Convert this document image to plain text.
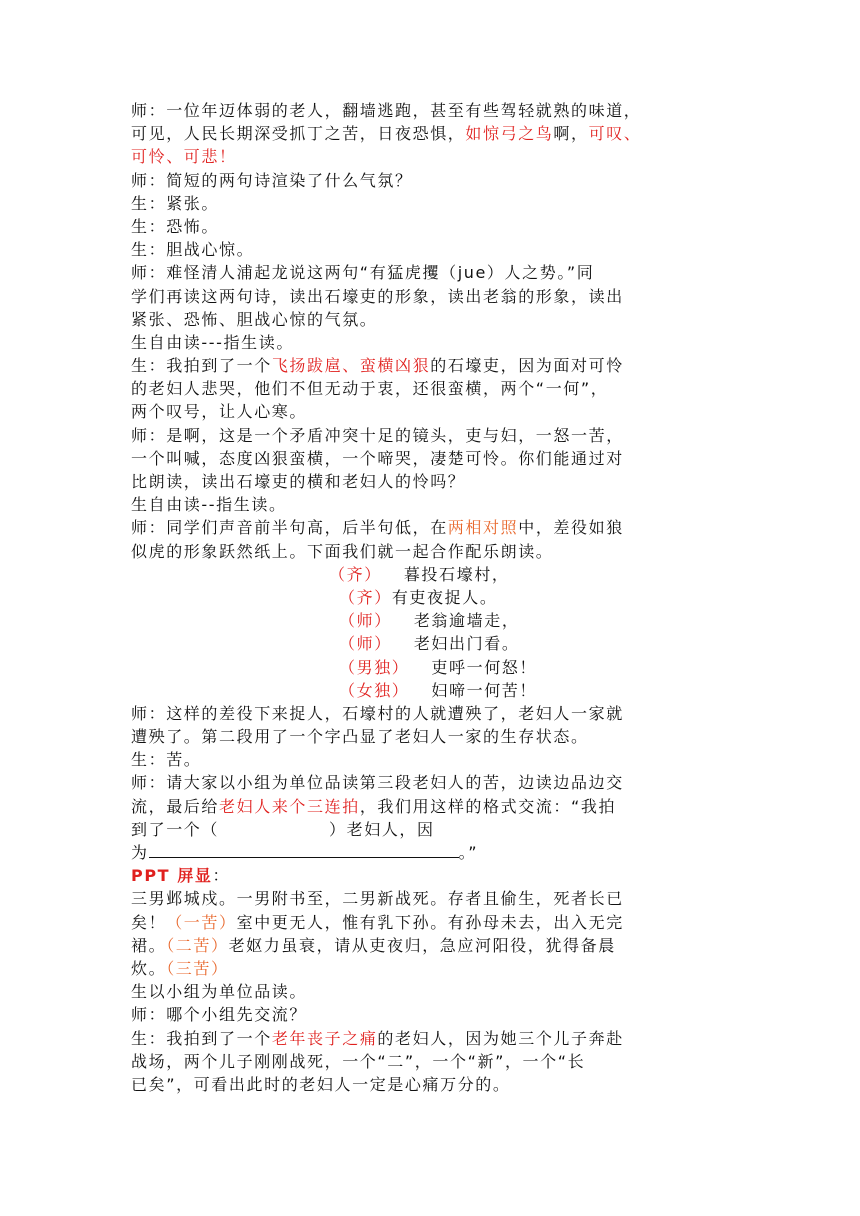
师：一位年迈体弱的老人，翻墙逃跑，甚至有些驾轻就熟的味道，
可见，人民长期深受抓丁之苦，日夜恐惧，如惊弓之鸟啊，可叹、
可怜、可悲！
师：简短的两句诗渲染了什么气氛？
生：紧张。
生：恐怖。
生：胆战心惊。
师：难怪清人浦起龙说这两句“有猛虎攫（jue）人之势。”同
学们再读这两句诗，读出石壕吏的形象，读出老翁的形象，读出
紧张、恐怖、胆战心惊的气氛。
生自由读---指生读。
生：我拍到了一个飞扬跋扈、蛮横凶狠的石壕吏，因为面对可怜
的老妇人悲哭，他们不但无动于衷，还很蛮横，两个“一何”，
两个叹号，让人心寒。
师：是啊，这是一个矛盾冲突十足的镜头，吏与妇，一怒一苦，
一个叫喊，态度凶狠蛮横，一个啼哭，凄楚可怜。你们能通过对
比朗读，读出石壕吏的横和老妇人的怜吗？
生自由读--指生读。
师：同学们声音前半句高，后半句低，在两相对照中，差役如狼
似虎的形象跃然纸上。下面我们就一起合作配乐朗读。
（齐） 暮投石壕村，
（齐）有吏夜捉人。
（师） 老翁逾墙走，
（师） 老妇出门看。
（男独） 吏呼一何怒！
（女独） 妇啼一何苦！
师：这样的差役下来捉人，石壕村的人就遭殃了，老妇人一家就
遭殃了。第二段用了一个字凸显了老妇人一家的生存状态。
生：苦。
师：请大家以小组为单位品读第三段老妇人的苦，边读边品边交
流，最后给老妇人来个三连拍，我们用这样的格式交流：“我拍
到了一个（	）老妇人，因
为	。”
PPT 屏显：
三男邺城戍。一男附书至，二男新战死。存者且偷生，死者长已
矣！（一苦）室中更无人，惟有乳下孙。有孙母未去，出入无完
裙。（二苦）老妪力虽衰，请从吏夜归，急应河阳役，犹得备晨
炊。（三苦）
生以小组为单位品读。
师：哪个小组先交流？
生：我拍到了一个老年丧子之痛的老妇人，因为她三个儿子奔赴
战场，两个儿子刚刚战死，一个“二”，一个“新”，一个“长
已矣”，可看出此时的老妇人一定是心痛万分的。
